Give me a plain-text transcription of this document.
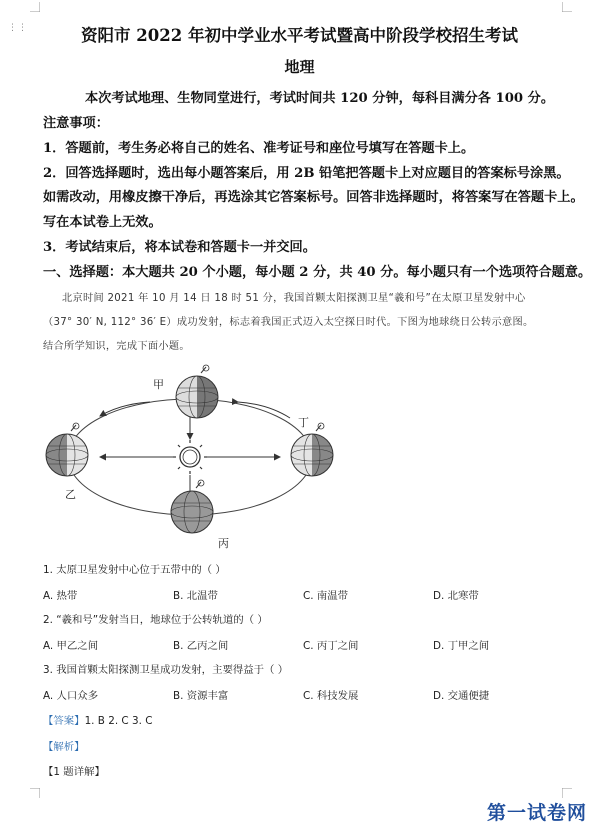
⋮⋮	资阳市 2022 年初中学业水平考试暨高中阶段学校招生考试
地理
本次考试地理、生物同堂进行，考试时间共 120 分钟，每科目满分各 100 分。
注意事项：
1．答题前，考生务必将自己的姓名、准考证号和座位号填写在答题卡上。
2．回答选择题时，选出每小题答案后，用 2B 铅笔把答题卡上对应题目的答案标号涂黑。
如需改动，用橡皮擦干净后，再选涂其它答案标号。回答非选择题时，将答案写在答题卡上。
写在本试卷上无效。
3．考试结束后，将本试卷和答题卡一并交回。
一、选择题：本大题共 20 个小题，每小题 2 分，共 40 分。每小题只有一个选项符合题意。
北京时间 2021 年 10 月 14 日 18 时 51 分，我国首颗太阳探测卫星“羲和号”在太原卫星发射中心
（37° 30′ N, 112° 36′ E）成功发射，标志着我国正式迈入太空探日时代。下图为地球绕日公转示意图。
结合所学知识，完成下面小题。
甲
乙
丙
丁
1. 太原卫星发射中心位于五带中的（ ）
A. 热带	B. 北温带	C. 南温带	D. 北寒带
2. “羲和号”发射当日，地球位于公转轨道的（ ）
A. 甲乙之间	B. 乙丙之间	C. 丙丁之间	D. 丁甲之间
3. 我国首颗太阳探测卫星成功发射，主要得益于（ ）
A. 人口众多	B. 资源丰富	C. 科技发展	D. 交通便捷
【答案】1. B 2. C 3. C
【解析】
【1 题详解】
第一试卷网
